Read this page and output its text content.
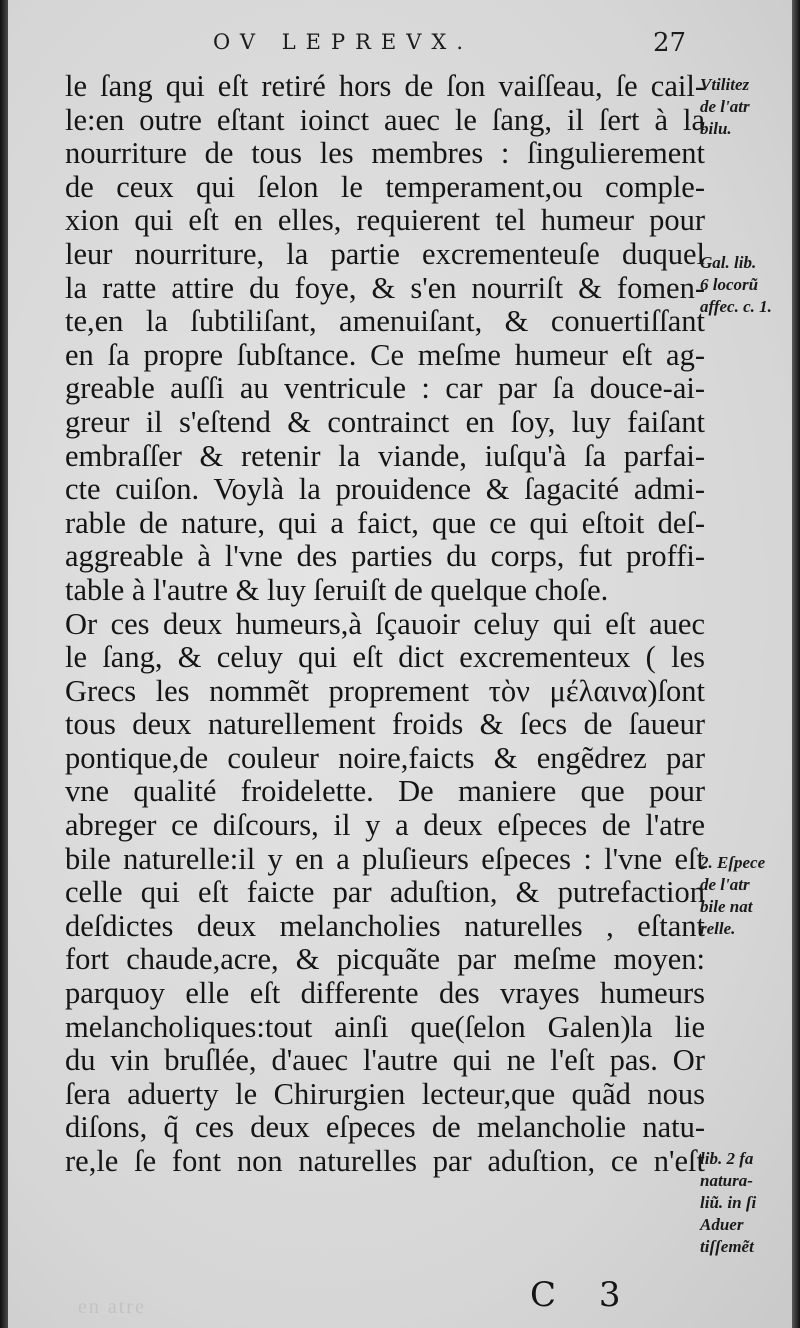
OV LEPREVX.	27
le ſang qui eſt retiré hors de ſon vaiſſeau, ſe cail-
le:en outre eſtant ioinct auec le ſang, il ſert à la
nourriture de tous les membres : ſingulierement
de ceux qui ſelon le temperament,ou comple-
xion qui eſt en elles, requierent tel humeur pour
leur nourriture, la partie excrementeuſe duquel
la ratte attire du foye, & s'en nourriſt & fomen-
te,en la ſubtiliſant, amenuiſant, & conuertiſſant
en ſa propre ſubſtance. Ce meſme humeur eſt ag-
greable auſſi au ventricule : car par ſa douce-ai-
greur il s'eſtend & contrainct en ſoy, luy faiſant
embraſſer & retenir la viande, iuſqu'à ſa parfai-
cte cuiſon. Voylà la prouidence & ſagacité admi-
rable de nature, qui a faict, que ce qui eſtoit deſ-
aggreable à l'vne des parties du corps, fut proffi-
table à l'autre & luy ſeruiſt de quelque choſe.
Or ces deux humeurs,à ſçauoir celuy qui eſt auec
le ſang, & celuy qui eſt dict excrementeux ( les
Grecs les nommẽt proprement τὸν μέλαινα)ſont
tous deux naturellement froids & ſecs de ſaueur
pontique,de couleur noire,faicts & engẽdrez par
vne qualité froidelette. De maniere que pour
abreger ce diſcours, il y a deux eſpeces de l'atre
bile naturelle:il y en a pluſieurs eſpeces : l'vne eſt
celle qui eſt faicte par aduſtion, & putrefaction
deſdictes deux melancholies naturelles , eſtant
fort chaude,acre, & picquãte par meſme moyen:
parquoy elle eſt differente des vrayes humeurs
melancholiques:tout ainſi que(ſelon Galen)la lie
du vin bruſlée, d'auec l'autre qui ne l'eſt pas. Or
ſera aduerty le Chirurgien lecteur,que quãd nous
diſons, q̃ ces deux eſpeces de melancholie natu-
re,le ſe font non naturelles par aduſtion, ce n'eſt
Vtilitez
de l'atr
bilu.
Gal. lib.
6 locorũ
affec. c. 1.
2. Eſpece
de l'atr
bile nat
relle.
lib. 2 fa
natura-
liũ. in ſi
Aduer
tiſſemẽt
en atre	C 3
